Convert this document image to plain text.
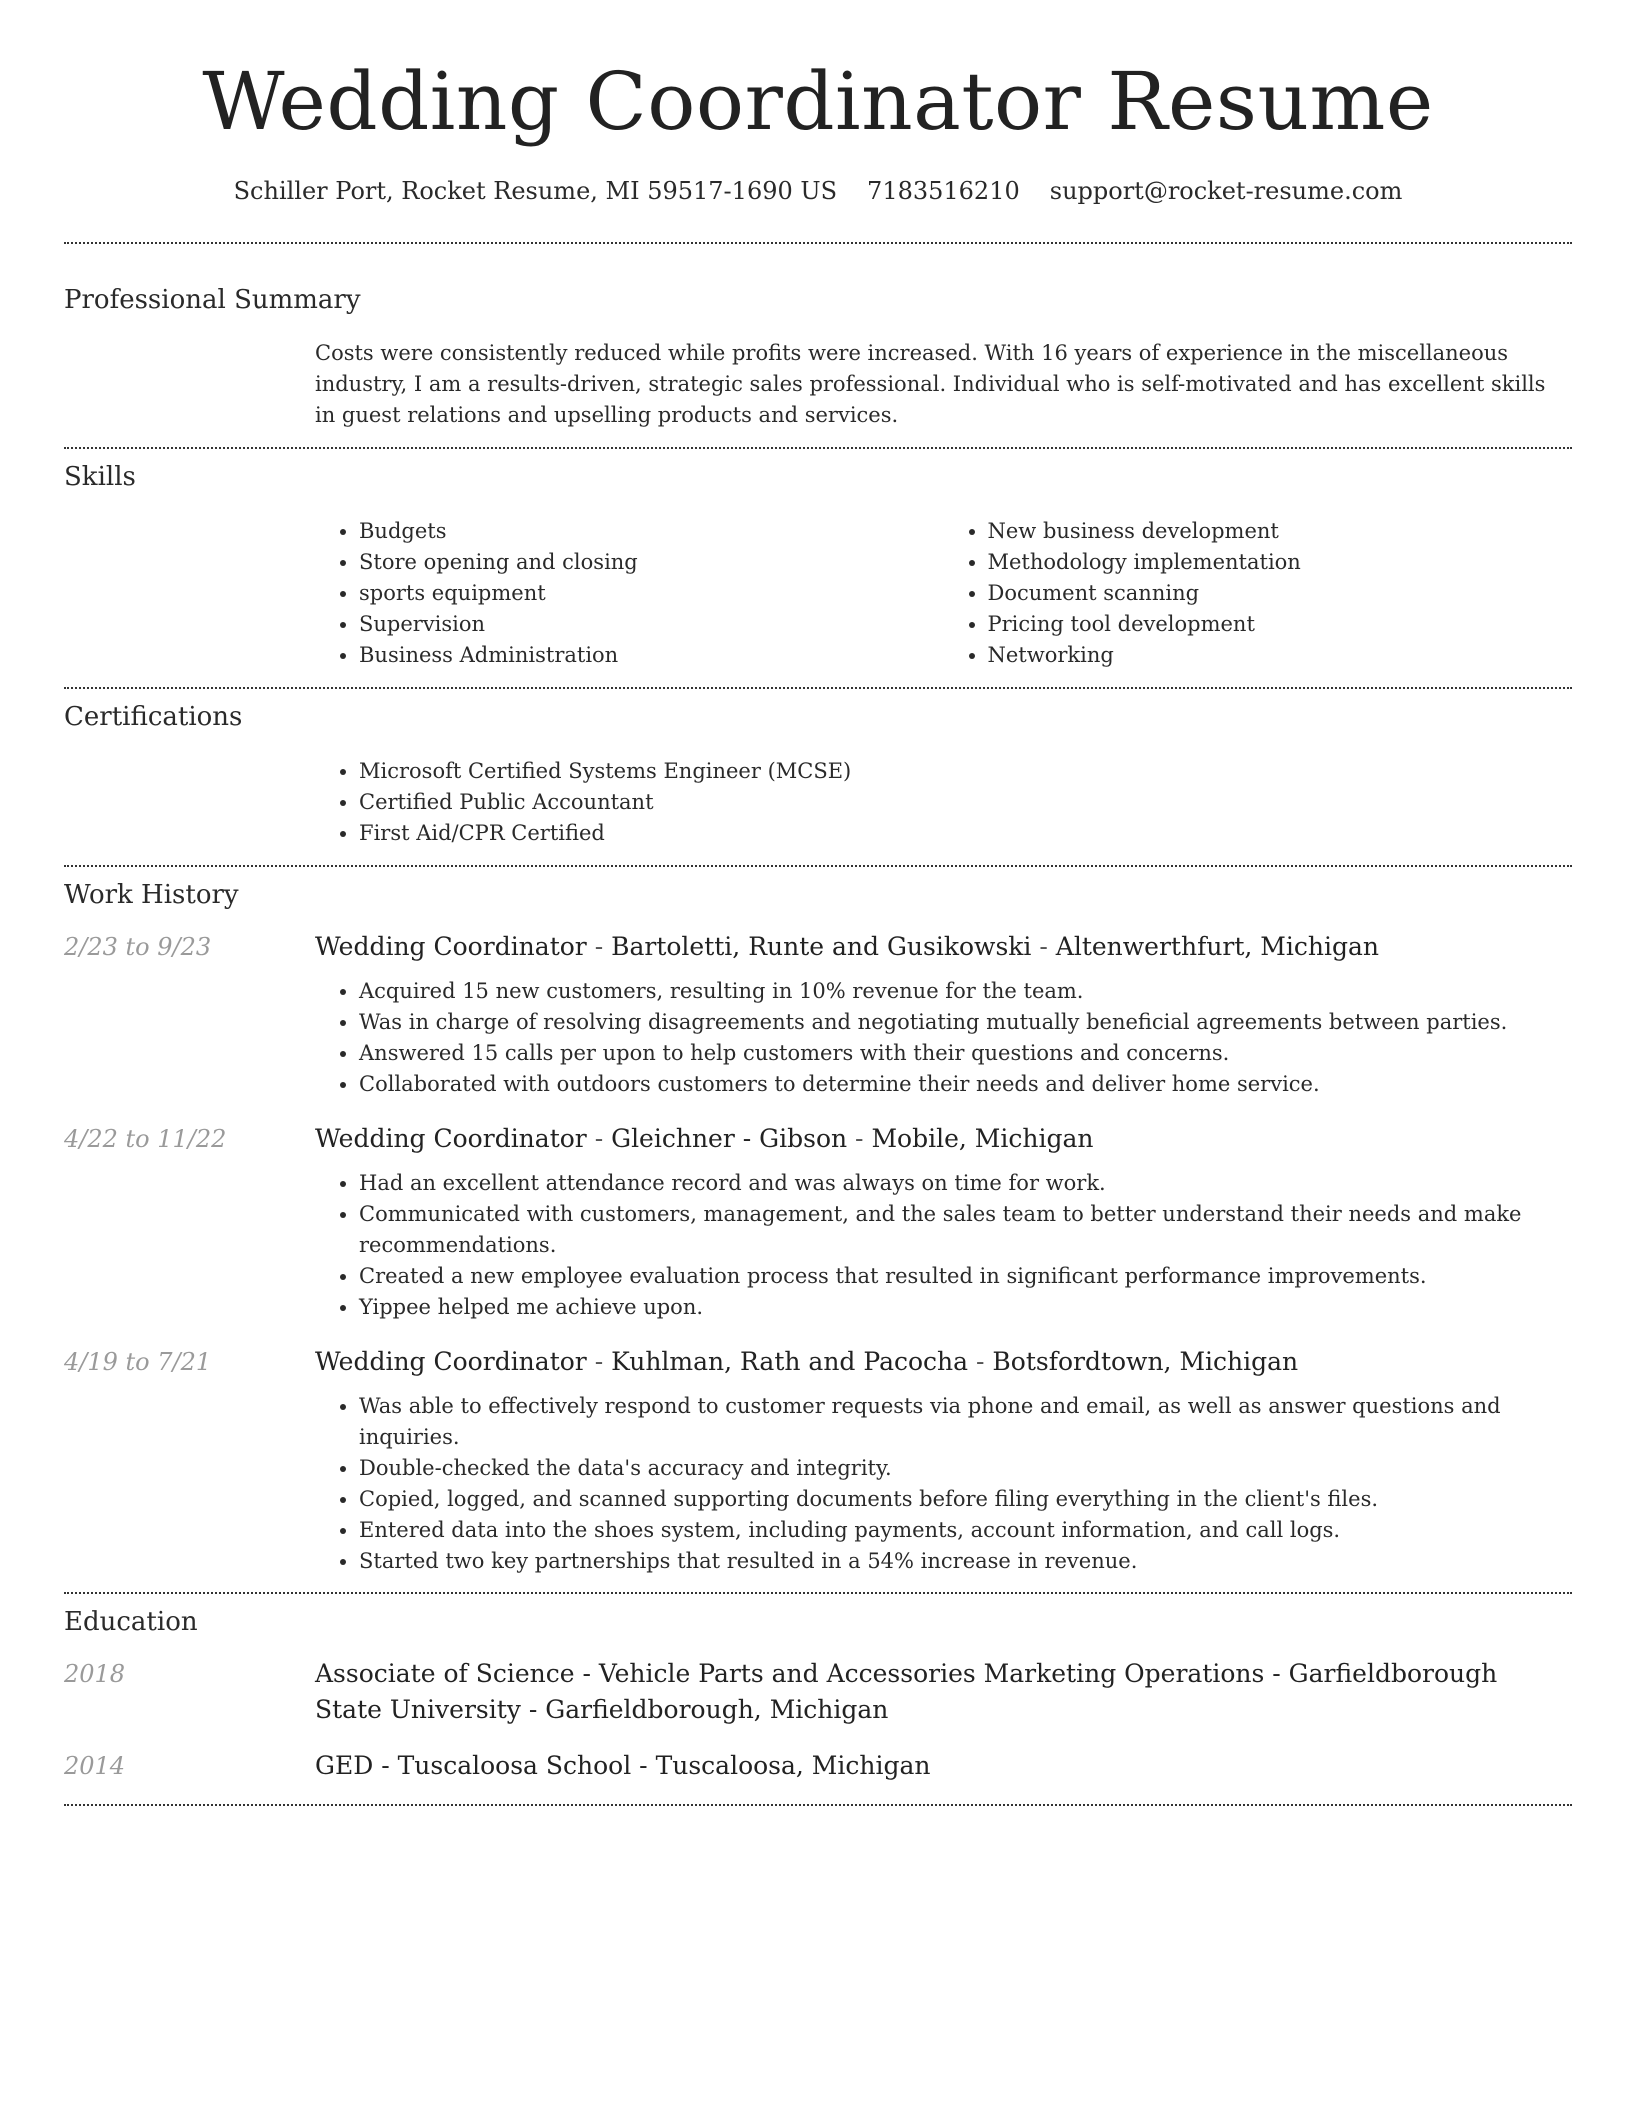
Wedding Coordinator Resume
Schiller Port, Rocket Resume, MI 59517-1690 US 7183516210 support@rocket-resume.com
Professional Summary
Costs were consistently reduced while profits were increased. With 16 years of experience in the miscellaneous industry, I am a results-driven, strategic sales professional. Individual who is self-motivated and has excellent skills in guest relations and upselling products and services.
Skills
• Budgets
• Store opening and closing
• sports equipment
• Supervision
• Business Administration
• New business development
• Methodology implementation
• Document scanning
• Pricing tool development
• Networking
Certifications
• Microsoft Certified Systems Engineer (MCSE)
• Certified Public Accountant
• First Aid/CPR Certified
Work History
2/23 to 9/23	Wedding Coordinator - Bartoletti, Runte and Gusikowski - Altenwerthfurt, Michigan
• Acquired 15 new customers, resulting in 10% revenue for the team.
• Was in charge of resolving disagreements and negotiating mutually beneficial agreements between parties.
• Answered 15 calls per upon to help customers with their questions and concerns.
• Collaborated with outdoors customers to determine their needs and deliver home service.
4/22 to 11/22	Wedding Coordinator - Gleichner - Gibson - Mobile, Michigan
• Had an excellent attendance record and was always on time for work.
• Communicated with customers, management, and the sales team to better understand their needs and make recommendations.
• Created a new employee evaluation process that resulted in significant performance improvements.
• Yippee helped me achieve upon.
4/19 to 7/21	Wedding Coordinator - Kuhlman, Rath and Pacocha - Botsfordtown, Michigan
• Was able to effectively respond to customer requests via phone and email, as well as answer questions and inquiries.
• Double-checked the data's accuracy and integrity.
• Copied, logged, and scanned supporting documents before filing everything in the client's files.
• Entered data into the shoes system, including payments, account information, and call logs.
• Started two key partnerships that resulted in a 54% increase in revenue.
Education
2018	Associate of Science - Vehicle Parts and Accessories Marketing Operations - Garfieldborough State University - Garfieldborough, Michigan
2014	GED - Tuscaloosa School - Tuscaloosa, Michigan
